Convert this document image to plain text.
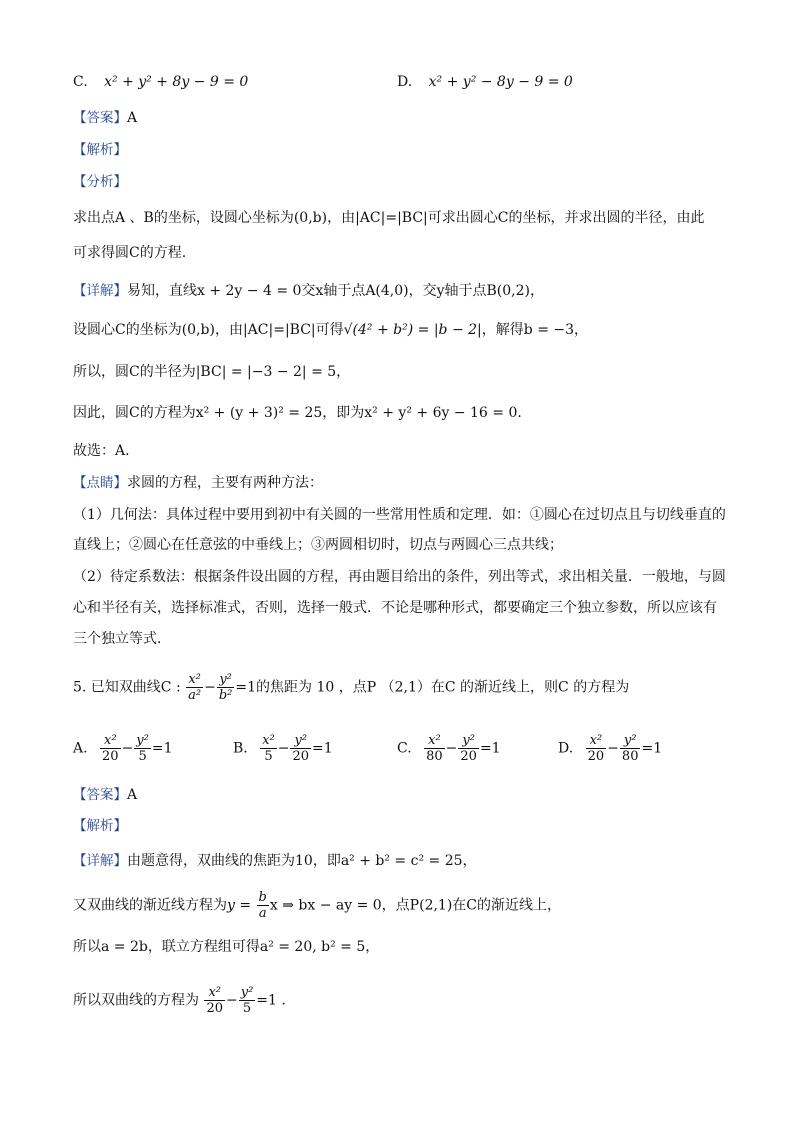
C. x² + y² + 8y − 9 = 0	D. x² + y² − 8y − 9 = 0
【答案】A
【解析】
【分析】
求出点A 、B的坐标，设圆心坐标为(0,b)，由|AC|=|BC|可求出圆心C的坐标，并求出圆的半径，由此
可求得圆C的方程.
【详解】易知，直线x + 2y − 4 = 0交x轴于点A(4,0)，交y轴于点B(0,2)，
设圆心C的坐标为(0,b)，由|AC|=|BC|可得√(4² + b²) = |b − 2|，解得b = −3，
所以，圆C的半径为|BC| = |−3 − 2| = 5，
因此，圆C的方程为x² + (y + 3)² = 25，即为x² + y² + 6y − 16 = 0.
故选：A.
【点睛】求圆的方程，主要有两种方法：
（1）几何法：具体过程中要用到初中有关圆的一些常用性质和定理．如：①圆心在过切点且与切线垂直的
直线上；②圆心在任意弦的中垂线上；③两圆相切时，切点与两圆心三点共线；
（2）待定系数法：根据条件设出圆的方程，再由题目给出的条件，列出等式，求出相关量．一般地，与圆
心和半径有关，选择标准式，否则，选择一般式．不论是哪种形式，都要确定三个独立参数，所以应该有
三个独立等式．
5. 已知双曲线C : $\frac{\text{x²}}{\text{a²}} - \frac{\text{y²}}{\text{b²}} =1$的焦距为 10 ，点P （2,1）在C 的渐近线上，则C 的方程为
A. $\frac{\text{x²}}{20} - \frac{\text{y²}}{5} =1$	B. $\frac{\text{x²}}{5} - \frac{\text{y²}}{20} =1$	C. $\frac{\text{x²}}{80} - \frac{\text{y²}}{20} =1$	D. $\frac{\text{x²}}{20} - \frac{\text{y²}}{80} =1$
【答案】A
【解析】
【详解】由题意得，双曲线的焦距为10，即a² + b² = c² = 25，
又双曲线的渐近线方程为$y = \frac{b}{a}$ x ⇒ bx − ay = 0，点P(2,1)在C的渐近线上，
所以a = 2b，联立方程组可得a² = 20, b² = 5，
所以双曲线的方程为 $\frac{\text{x²}}{20} - \frac{\text{y²}}{5} =1$ .
